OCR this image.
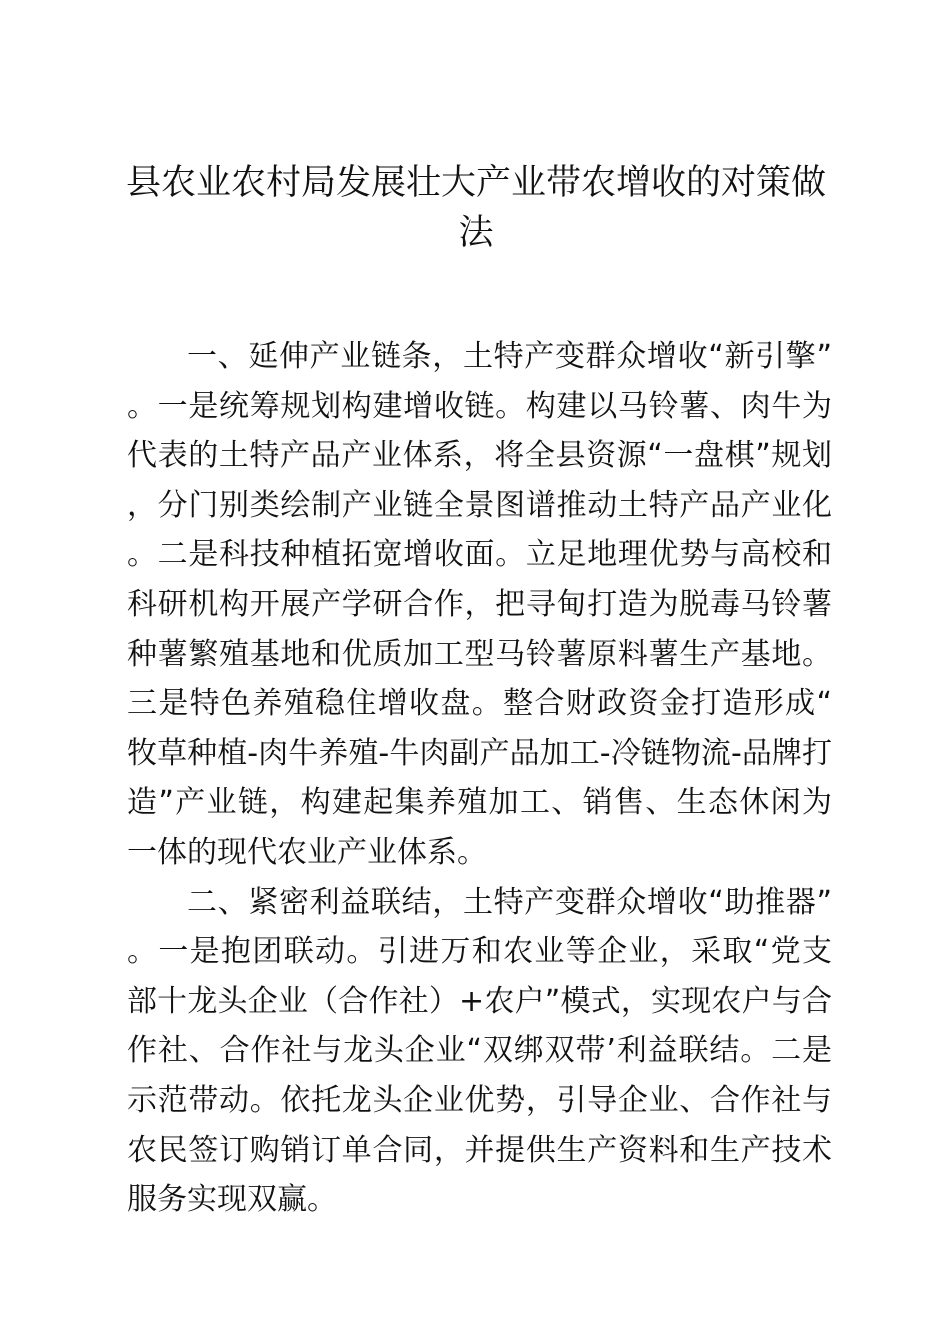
县农业农村局发展壮大产业带农增收的对策做法

一、延伸产业链条，土特产变群众增收“新引擎”。一是统筹规划构建增收链。构建以马铃薯、肉牛为代表的土特产品产业体系，将全县资源“一盘棋”规划，分门别类绘制产业链全景图谱推动土特产品产业化。二是科技种植拓宽增收面。立足地理优势与高校和科研机构开展产学研合作，把寻甸打造为脱毒马铃薯种薯繁殖基地和优质加工型马铃薯原料薯生产基地。三是特色养殖稳住增收盘。整合财政资金打造形成“牧草种植-肉牛养殖-牛肉副产品加工-冷链物流-品牌打造”产业链，构建起集养殖加工、销售、生态休闲为一体的现代农业产业体系。

二、紧密利益联结，土特产变群众增收“助推器”。一是抱团联动。引进万和农业等企业，采取“党支部十龙头企业（合作社）+农户”模式，实现农户与合作社、合作社与龙头企业“双绑双带’利益联结。二是示范带动。依托龙头企业优势，引导企业、合作社与农民签订购销订单合同，并提供生产资料和生产技术服务实现双赢。
